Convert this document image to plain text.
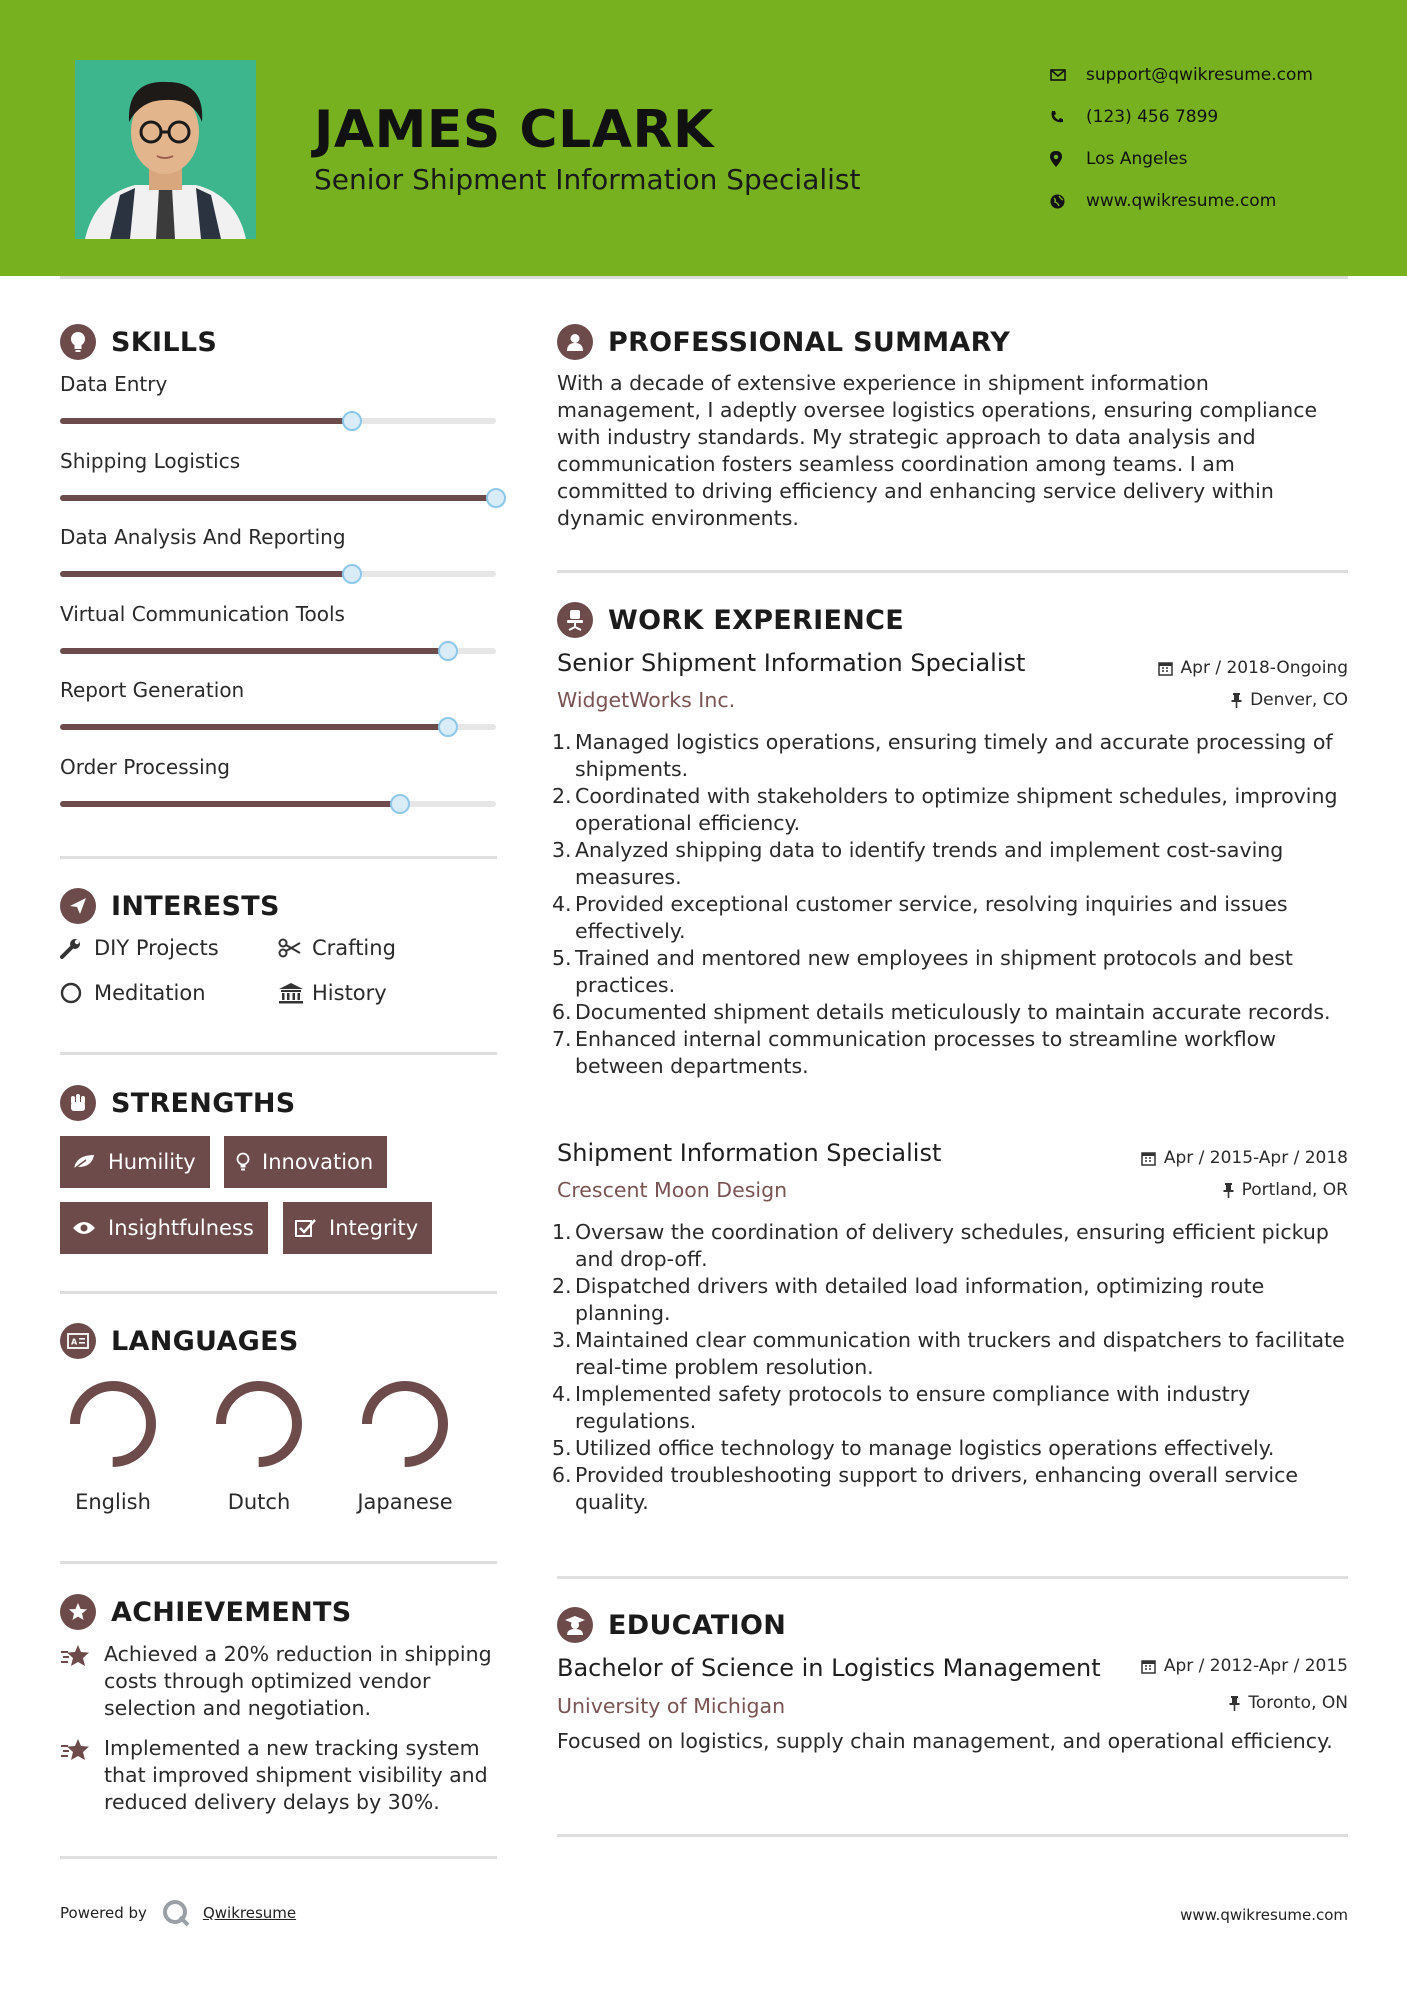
JAMES CLARK
Senior Shipment Information Specialist
support@qwikresume.com
(123) 456 7899
Los Angeles
www.qwikresume.com
SKILLS
Data Entry
Shipping Logistics
Data Analysis And Reporting
Virtual Communication Tools
Report Generation
Order Processing
INTERESTS
DIY Projects	Crafting
Meditation	History
STRENGTHS
Humility	Innovation
Insightfulness	Integrity
A LANGUAGES
English	Dutch	Japanese
ACHIEVEMENTS
Achieved a 20% reduction in shipping costs through optimized vendor selection and negotiation.
Implemented a new tracking system that improved shipment visibility and reduced delivery delays by 30%.
PROFESSIONAL SUMMARY
With a decade of extensive experience in shipment information management, I adeptly oversee logistics operations, ensuring compliance with industry standards. My strategic approach to data analysis and communication fosters seamless coordination among teams. I am committed to driving efficiency and enhancing service delivery within dynamic environments.
WORK EXPERIENCE
Senior Shipment Information Specialist	Apr / 2018-Ongoing
WidgetWorks Inc.	Denver, CO
1. Managed logistics operations, ensuring timely and accurate processing of shipments.
2. Coordinated with stakeholders to optimize shipment schedules, improving operational efficiency.
3. Analyzed shipping data to identify trends and implement cost-saving measures.
4. Provided exceptional customer service, resolving inquiries and issues effectively.
5. Trained and mentored new employees in shipment protocols and best practices.
6. Documented shipment details meticulously to maintain accurate records.
7. Enhanced internal communication processes to streamline workflow between departments.
Shipment Information Specialist	Apr / 2015-Apr / 2018
Crescent Moon Design	Portland, OR
1. Oversaw the coordination of delivery schedules, ensuring efficient pickup and drop-off.
2. Dispatched drivers with detailed load information, optimizing route planning.
3. Maintained clear communication with truckers and dispatchers to facilitate real-time problem resolution.
4. Implemented safety protocols to ensure compliance with industry regulations.
5. Utilized office technology to manage logistics operations effectively.
6. Provided troubleshooting support to drivers, enhancing overall service quality.
EDUCATION
Bachelor of Science in Logistics Management	Apr / 2012-Apr / 2015
University of Michigan	Toronto, ON
Focused on logistics, supply chain management, and operational efficiency.
Powered by	Qwikresume	www.qwikresume.com
